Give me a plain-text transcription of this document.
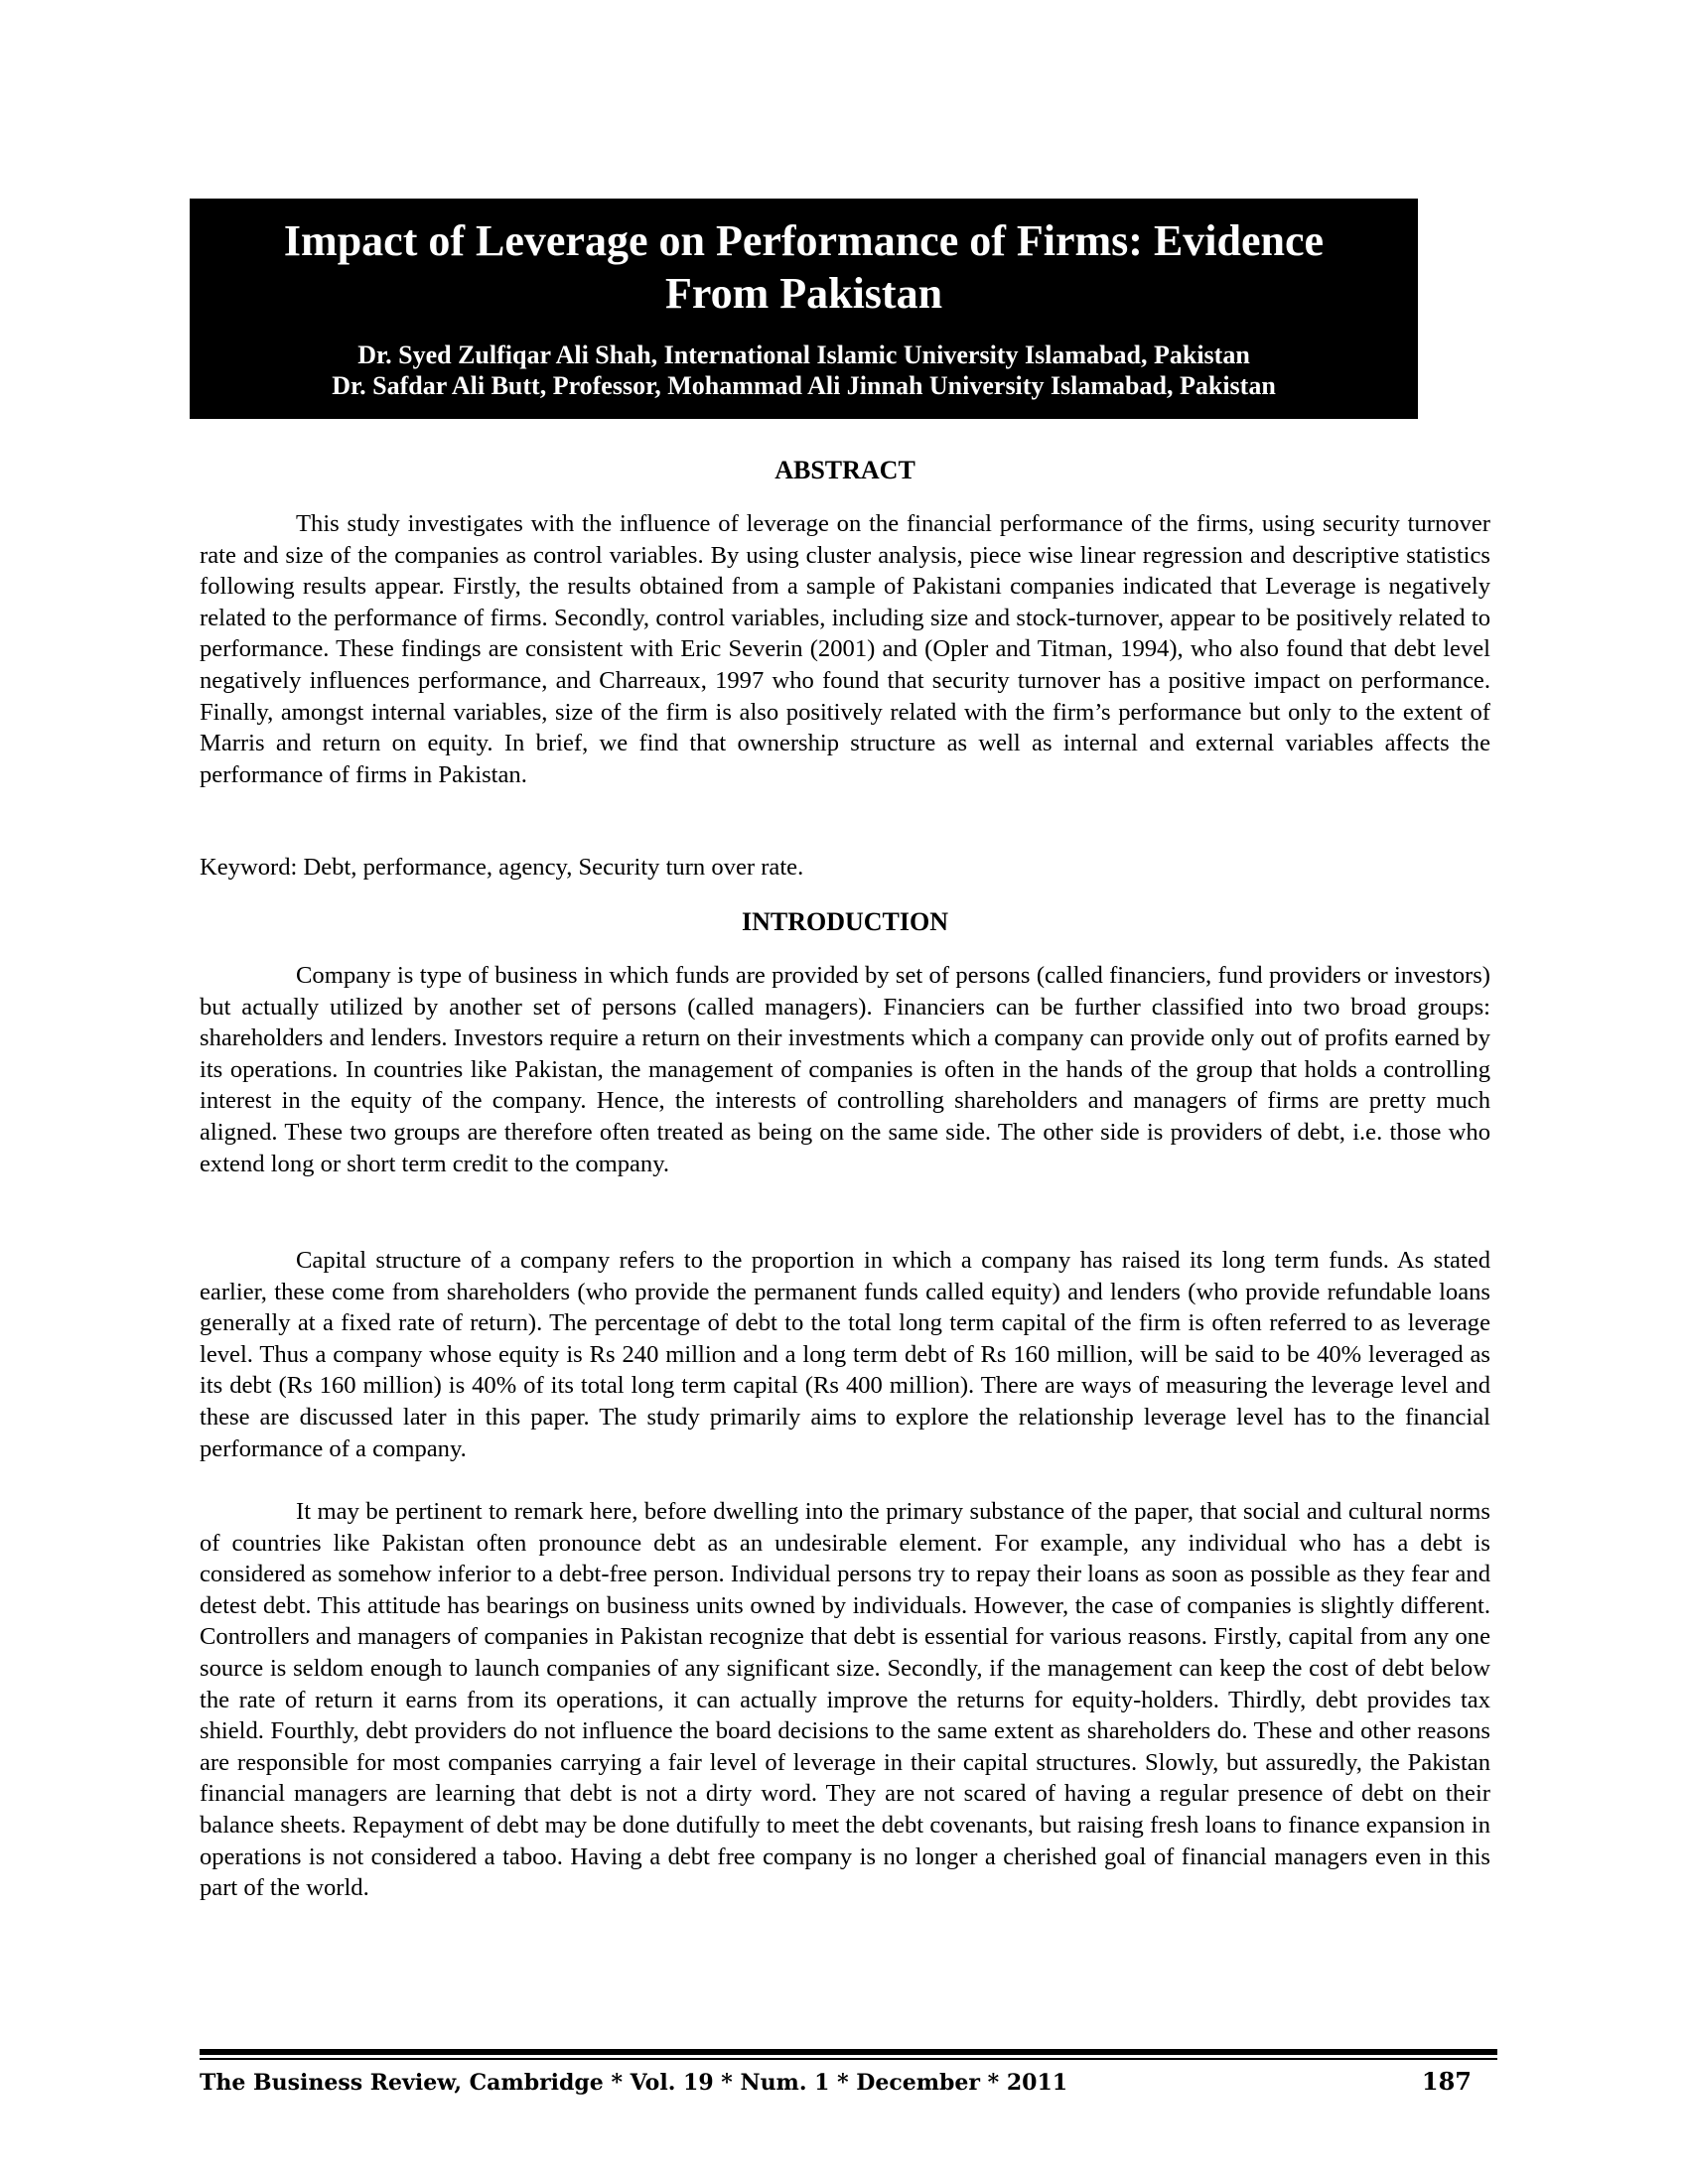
Impact of Leverage on Performance of Firms: Evidence From Pakistan
Dr. Syed Zulfiqar Ali Shah, International Islamic University Islamabad, Pakistan
Dr. Safdar Ali Butt, Professor, Mohammad Ali Jinnah University Islamabad, Pakistan
ABSTRACT

This study investigates with the influence of leverage on the financial performance of the firms, using security turnover rate and size of the companies as control variables. By using cluster analysis, piece wise linear regression and descriptive statistics following results appear. Firstly, the results obtained from a sample of Pakistani companies indicated that Leverage is negatively related to the performance of firms. Secondly, control variables, including size and stock-turnover, appear to be positively related to performance. These findings are consistent with Eric Severin (2001) and (Opler and Titman, 1994), who also found that debt level negatively influences performance, and Charreaux, 1997 who found that security turnover has a positive impact on performance. Finally, amongst internal variables, size of the firm is also positively related with the firm’s performance but only to the extent of Marris and return on equity. In brief, we find that ownership structure as well as internal and external variables affects the performance of firms in Pakistan.

Keyword: Debt, performance, agency, Security turn over rate.

INTRODUCTION

Company is type of business in which funds are provided by set of persons (called financiers, fund providers or investors) but actually utilized by another set of persons (called managers). Financiers can be further classified into two broad groups: shareholders and lenders. Investors require a return on their investments which a company can provide only out of profits earned by its operations. In countries like Pakistan, the management of companies is often in the hands of the group that holds a controlling interest in the equity of the company. Hence, the interests of controlling shareholders and managers of firms are pretty much aligned. These two groups are therefore often treated as being on the same side. The other side is providers of debt, i.e. those who extend long or short term credit to the company.

Capital structure of a company refers to the proportion in which a company has raised its long term funds. As stated earlier, these come from shareholders (who provide the permanent funds called equity) and lenders (who provide refundable loans generally at a fixed rate of return). The percentage of debt to the total long term capital of the firm is often referred to as leverage level. Thus a company whose equity is Rs 240 million and a long term debt of Rs 160 million, will be said to be 40% leveraged as its debt (Rs 160 million) is 40% of its total long term capital (Rs 400 million). There are ways of measuring the leverage level and these are discussed later in this paper. The study primarily aims to explore the relationship leverage level has to the financial performance of a company.

It may be pertinent to remark here, before dwelling into the primary substance of the paper, that social and cultural norms of countries like Pakistan often pronounce debt as an undesirable element. For example, any individual who has a debt is considered as somehow inferior to a debt-free person. Individual persons try to repay their loans as soon as possible as they fear and detest debt. This attitude has bearings on business units owned by individuals. However, the case of companies is slightly different. Controllers and managers of companies in Pakistan recognize that debt is essential for various reasons. Firstly, capital from any one source is seldom enough to launch companies of any significant size. Secondly, if the management can keep the cost of debt below the rate of return it earns from its operations, it can actually improve the returns for equity-holders. Thirdly, debt provides tax shield. Fourthly, debt providers do not influence the board decisions to the same extent as shareholders do. These and other reasons are responsible for most companies carrying a fair level of leverage in their capital structures. Slowly, but assuredly, the Pakistan financial managers are learning that debt is not a dirty word. They are not scared of having a regular presence of debt on their balance sheets. Repayment of debt may be done dutifully to meet the debt covenants, but raising fresh loans to finance expansion in operations is not considered a taboo. Having a debt free company is no longer a cherished goal of financial managers even in this part of the world.

The Business Review, Cambridge * Vol. 19 * Num. 1 * December * 2011	187
